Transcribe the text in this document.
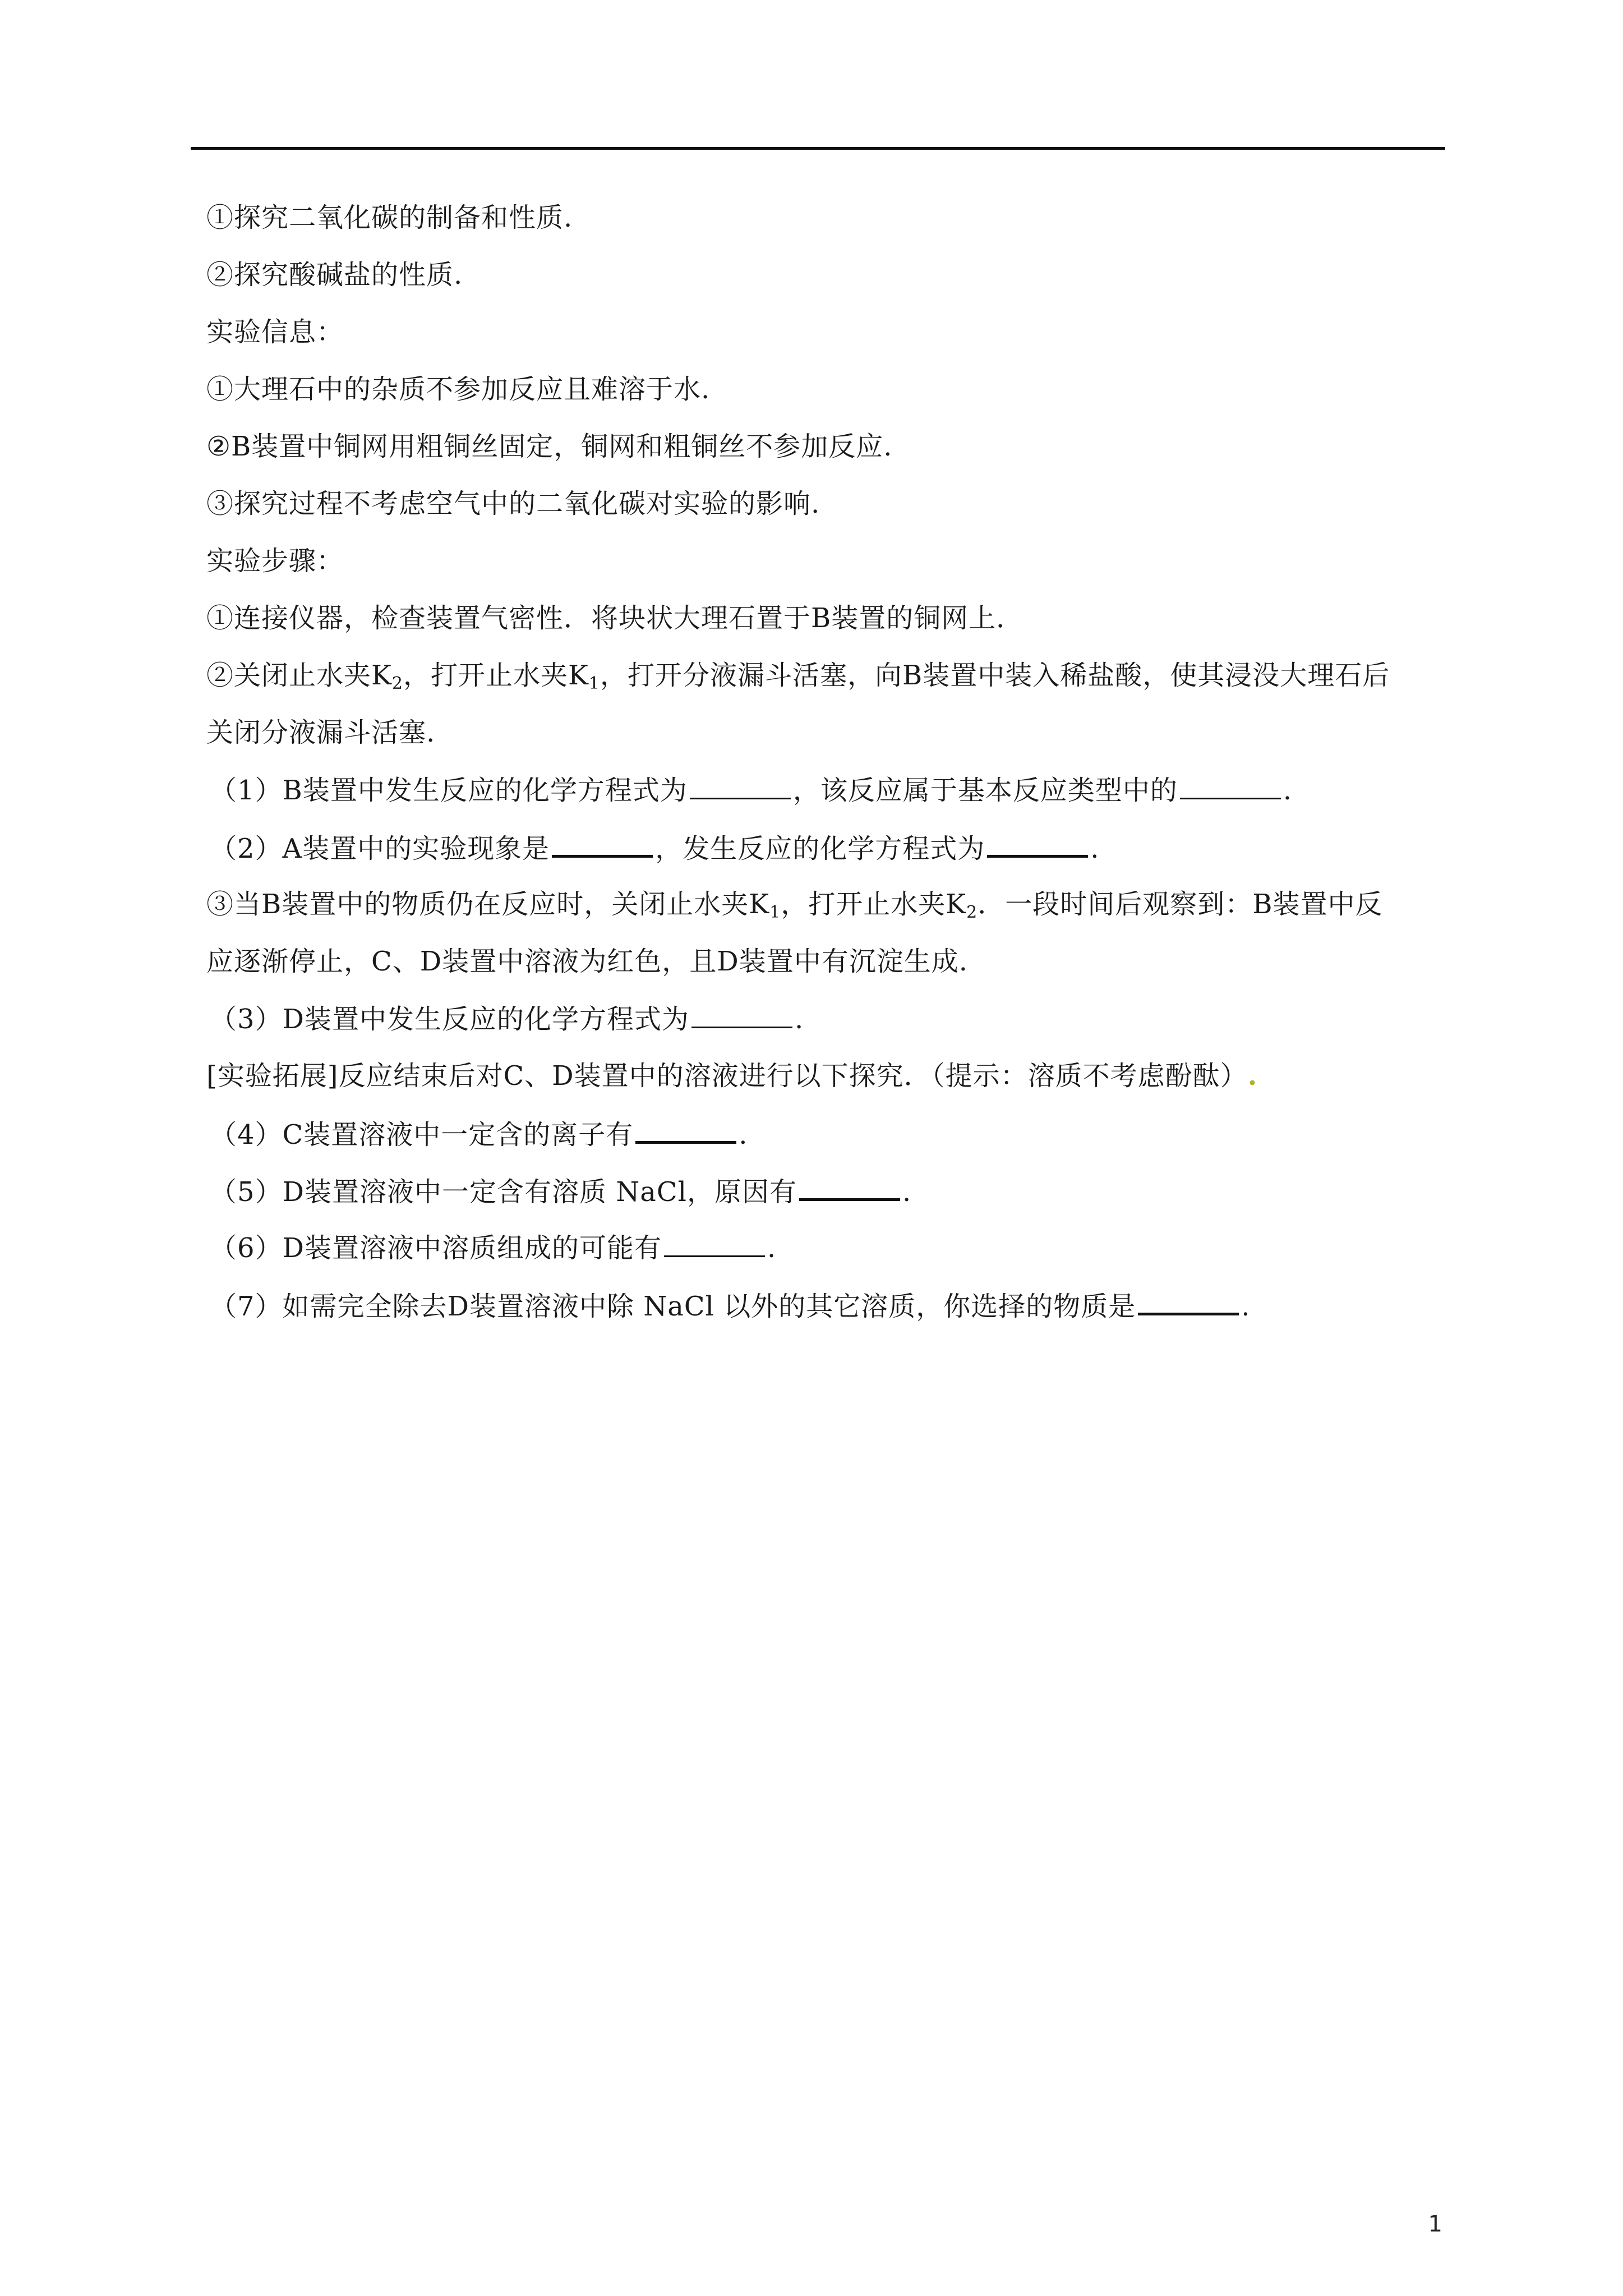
①探究二氧化碳的制备和性质.
②探究酸碱盐的性质.
实验信息：
①大理石中的杂质不参加反应且难溶于水.
②B装置中铜网用粗铜丝固定，铜网和粗铜丝不参加反应.
③探究过程不考虑空气中的二氧化碳对实验的影响.
实验步骤：
①连接仪器，检查装置气密性．将块状大理石置于B装置的铜网上．
②关闭止水夹$K_2$，打开止水夹$K_1$，打开分液漏斗活塞，向B装置中装入稀盐酸，使其浸没大理石后
关闭分液漏斗活塞.
（1）B装置中发生反应的化学方程式为	，该反应属于基本反应类型中的	.
（2）A装置中的实验现象是	，发生反应的化学方程式为	.
③当B装置中的物质仍在反应时，关闭止水夹$K_1$，打开止水夹$K_2$．一段时间后观察到：B装置中反
应逐渐停止，C、D装置中溶液为红色，且D装置中有沉淀生成.
（3）D装置中发生反应的化学方程式为	.
[实验拓展]反应结束后对C、D装置中的溶液进行以下探究．（提示：溶质不考虑酚酞）.
（4）C装置溶液中一定含的离子有	.
（5）D装置溶液中一定含有溶质 NaCl，原因有	.
（6）D装置溶液中溶质组成的可能有	.
（7）如需完全除去D装置溶液中除 NaCl 以外的其它溶质，你选择的物质是	.
1
